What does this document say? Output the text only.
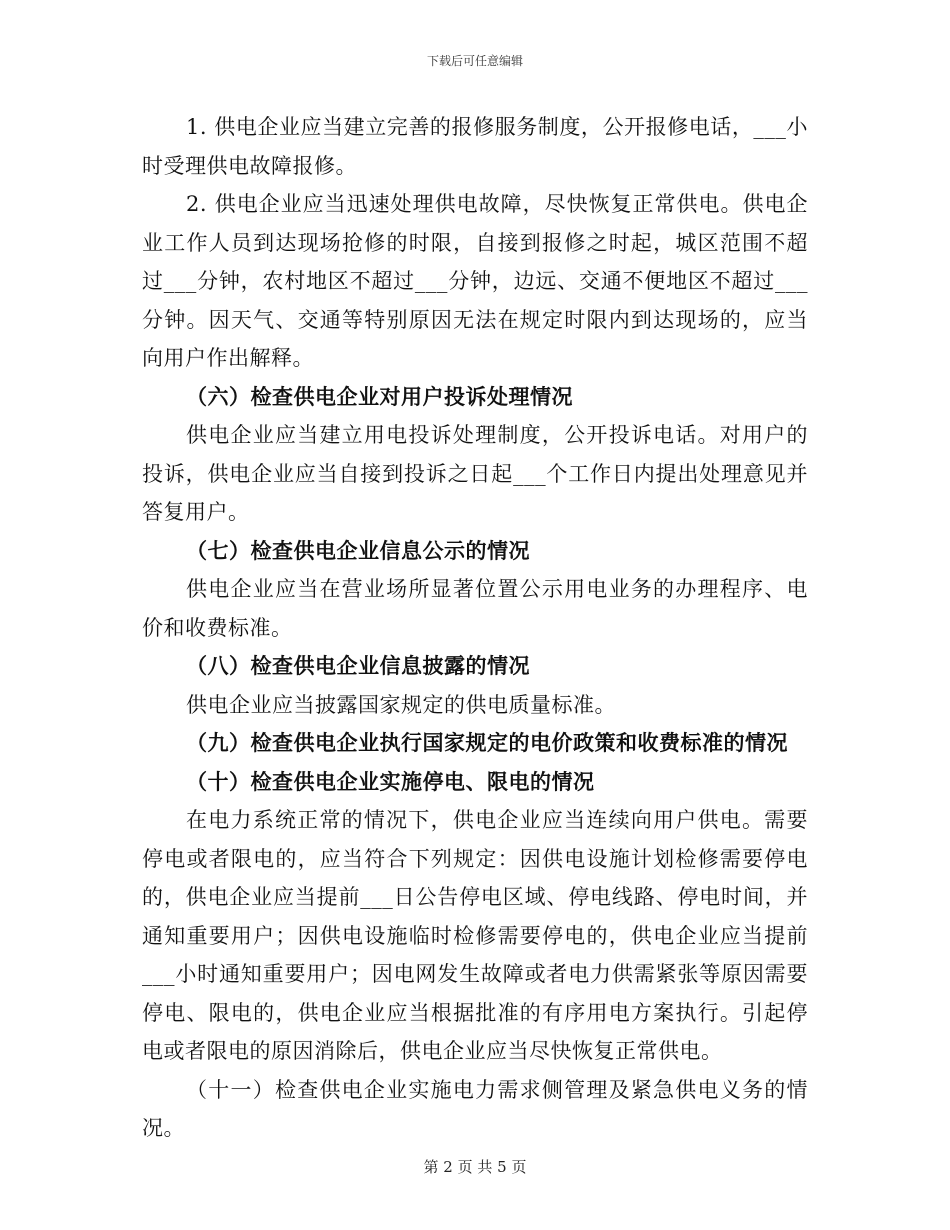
下载后可任意编辑

1. 供电企业应当建立完善的报修服务制度，公开报修电话，___小时受理供电故障报修。

2. 供电企业应当迅速处理供电故障，尽快恢复正常供电。供电企业工作人员到达现场抢修的时限，自接到报修之时起，城区范围不超过___分钟，农村地区不超过___分钟，边远、交通不便地区不超过___分钟。因天气、交通等特别原因无法在规定时限内到达现场的，应当向用户作出解释。

（六）检查供电企业对用户投诉处理情况

供电企业应当建立用电投诉处理制度，公开投诉电话。对用户的投诉，供电企业应当自接到投诉之日起___个工作日内提出处理意见并答复用户。

（七）检查供电企业信息公示的情况

供电企业应当在营业场所显著位置公示用电业务的办理程序、电价和收费标准。

（八）检查供电企业信息披露的情况

供电企业应当披露国家规定的供电质量标准。

（九）检查供电企业执行国家规定的电价政策和收费标准的情况

（十）检查供电企业实施停电、限电的情况

在电力系统正常的情况下，供电企业应当连续向用户供电。需要停电或者限电的，应当符合下列规定：因供电设施计划检修需要停电的，供电企业应当提前___日公告停电区域、停电线路、停电时间，并通知重要用户；因供电设施临时检修需要停电的，供电企业应当提前___小时通知重要用户；因电网发生故障或者电力供需紧张等原因需要停电、限电的，供电企业应当根据批准的有序用电方案执行。引起停电或者限电的原因消除后，供电企业应当尽快恢复正常供电。

（十一）检查供电企业实施电力需求侧管理及紧急供电义务的情况。

第 2 页 共 5 页
